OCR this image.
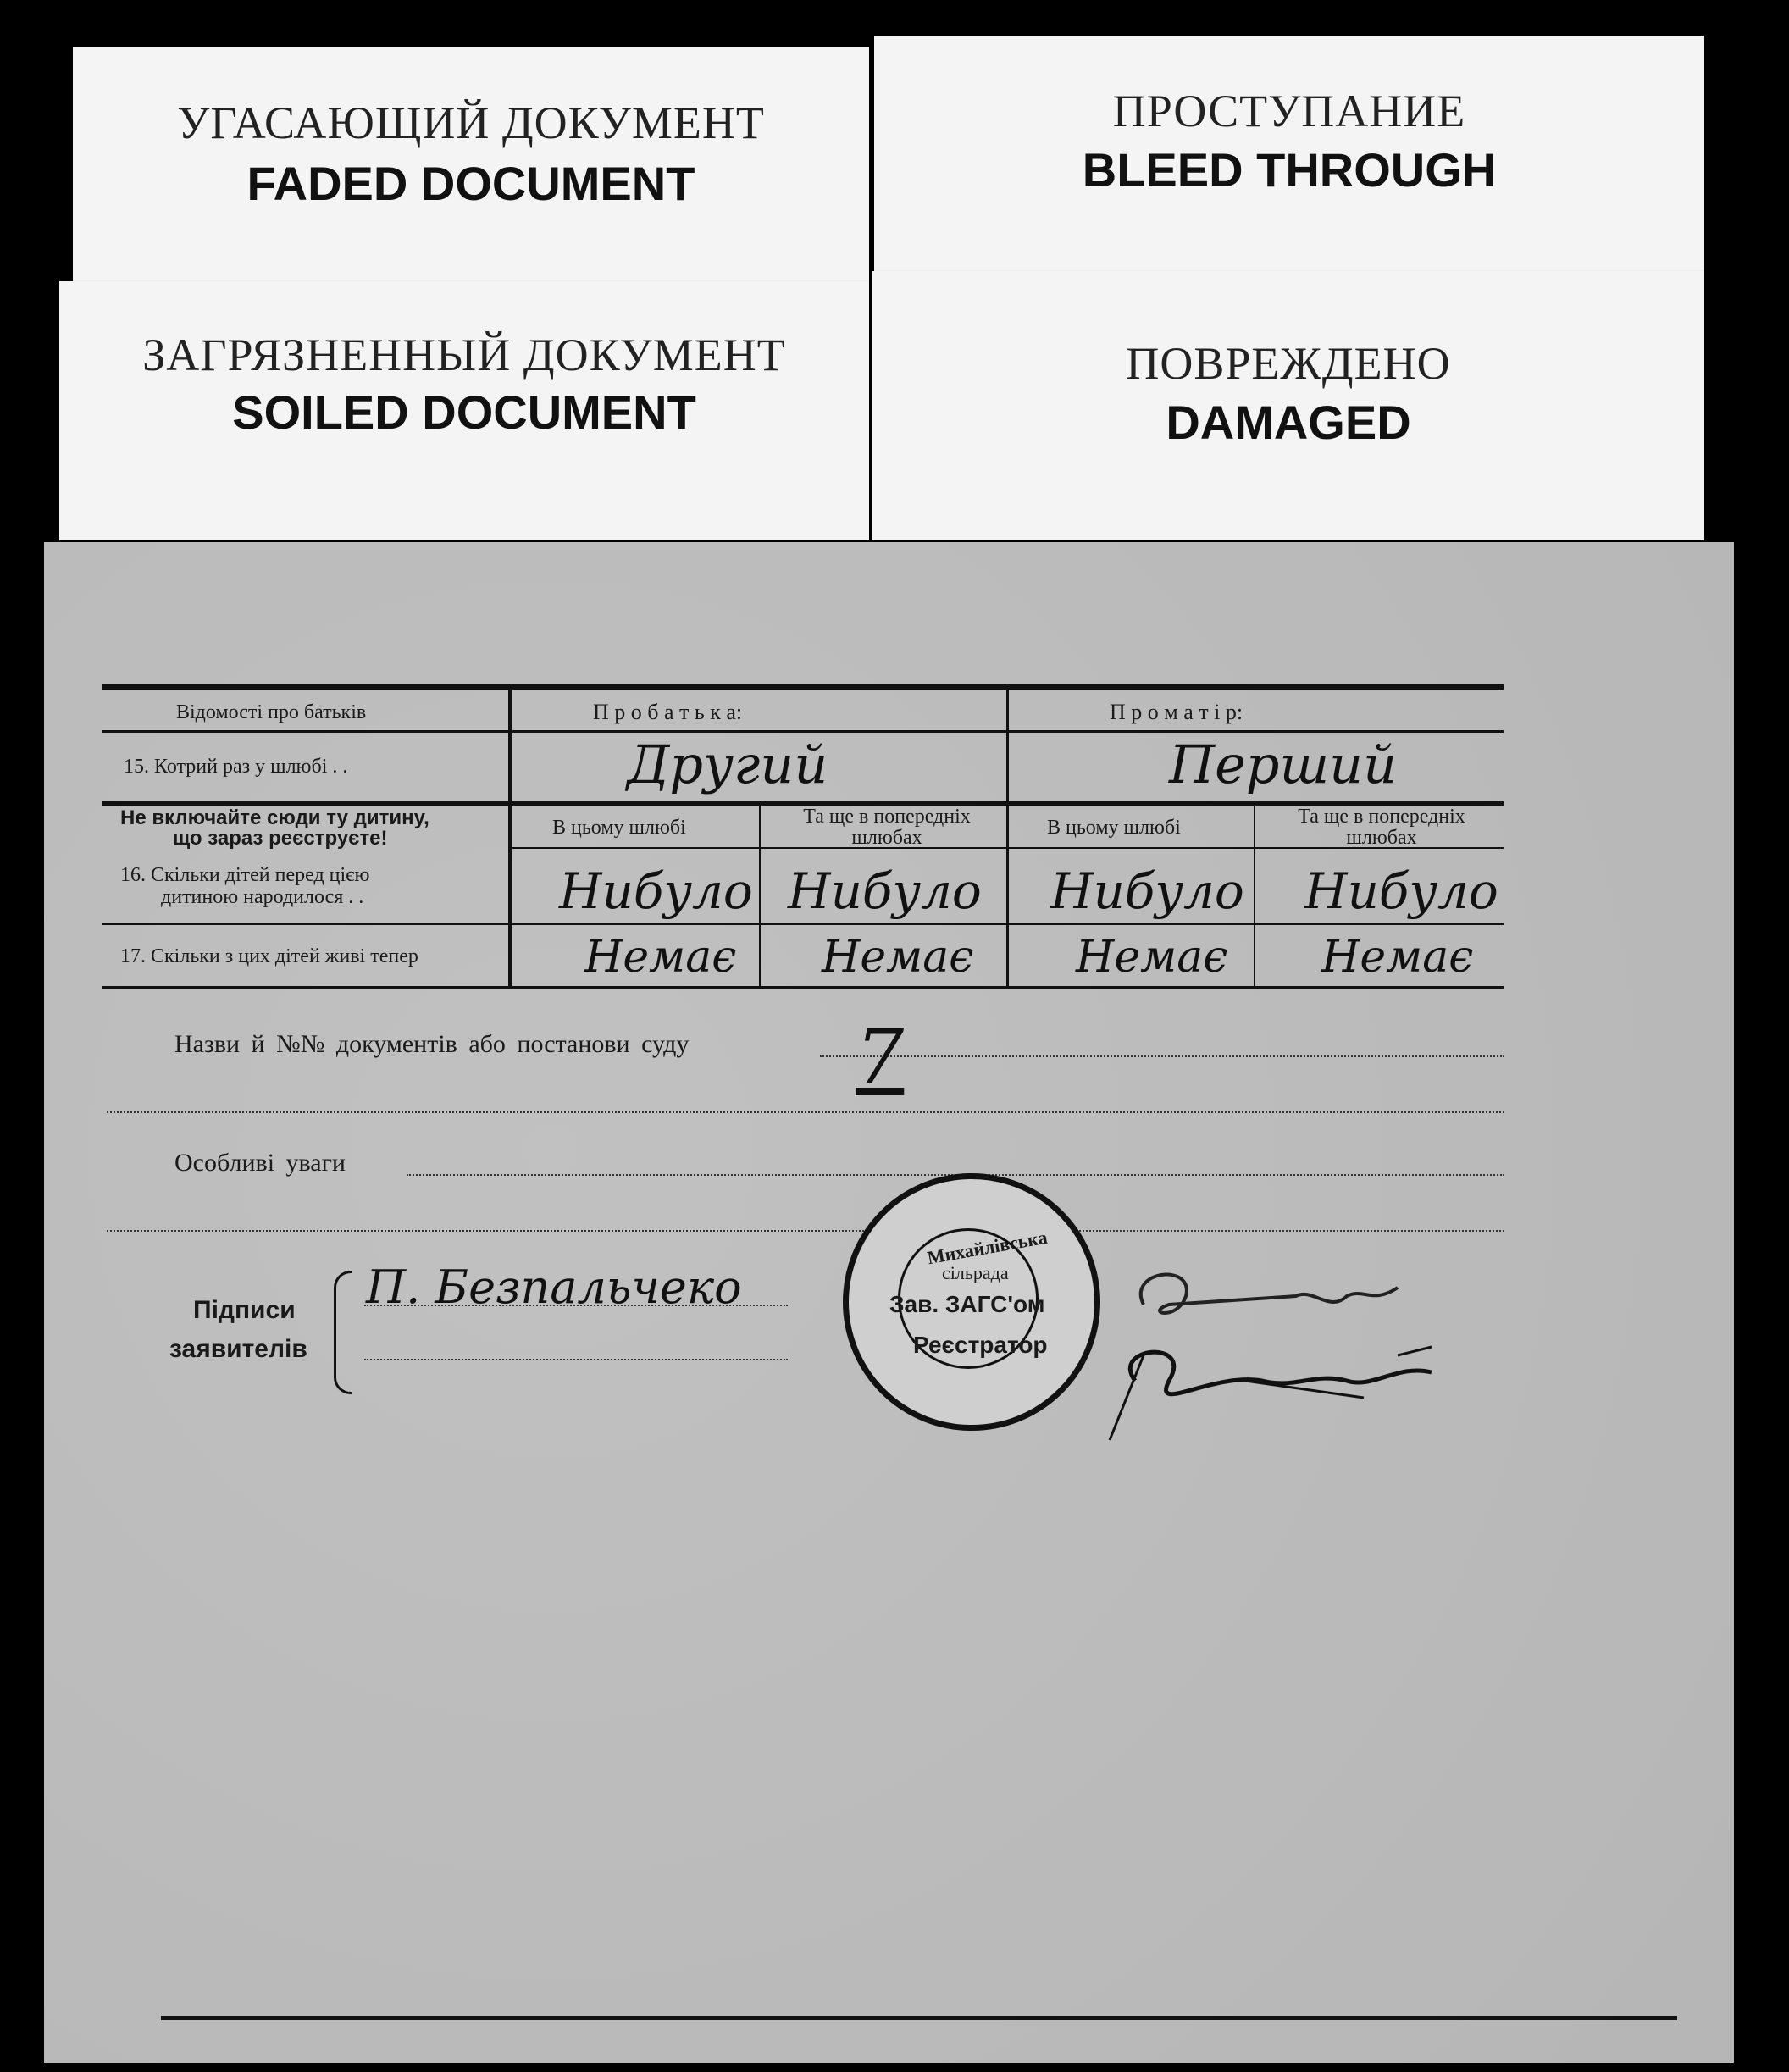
УГАСАЮЩИЙ ДОКУМЕНТ
FADED DOCUMENT
ПРОСТУПАНИЕ
BLEED THROUGH
ЗАГРЯЗНЕННЫЙ ДОКУМЕНТ
SOILED DOCUMENT
ПОВРЕЖДЕНО
DAMAGED
Відомості про батьків	П р о б а т ь к а:	П р о м а т і р:
15. Котрий раз у шлюбі . .	Другий	Перший
Не включайте сюди ту дитину,
що зараз реєструєте!	В цьому шлюбі	Та ще в попередніх шлюбах	В цьому шлюбі	Та ще в попередніх шлюбах
16. Скільки дітей перед цією
дитиною народилося . .	Нибуло Нибуло Нибуло Нибуло
17. Скільки з цих дітей живі тепер	Немає Немає Немає Немає
Назви й №№ документів або постанови суду 7
Особливі уваги
Підписи
заявителів
П. Безпальчеко
Михайлівська
сільрада
Зав. ЗАГС'ом
Реєстратор
